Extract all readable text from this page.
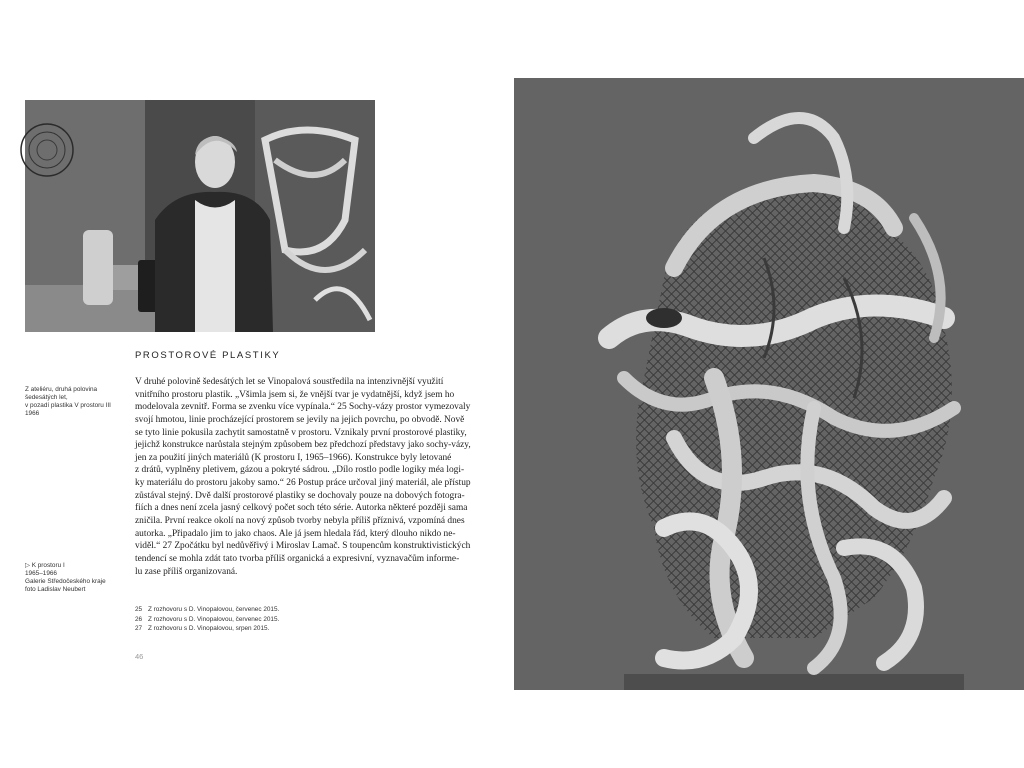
Z ateliéru, druhá polovina
šedesátých let,
v pozadí plastika V prostoru III
1966
PROSTOROVÉ PLASTIKY
V druhé polovině šedesátých let se Vinopalová soustředila na intenzivnější využití
vnitřního prostoru plastik. „Všimla jsem si, že vnější tvar je vydatnější, když jsem ho
modelovala zevnitř. Forma se zvenku více vypínala.“ 25 Sochy-vázy prostor vymezovaly
svojí hmotou, linie procházející prostorem se jevily na jejich povrchu, po obvodě. Nově
se tyto linie pokusila zachytit samostatně v prostoru. Vznikaly první prostorové plastiky,
jejichž konstrukce narůstala stejným způsobem bez předchozí představy jako sochy-vázy,
jen za použití jiných materiálů (K prostoru I, 1965–1966). Konstrukce byly letované
z drátů, vyplněny pletivem, gázou a pokryté sádrou. „Dílo rostlo podle logiky méa logi-
ky materiálu do prostoru jakoby samo.“ 26 Postup práce určoval jiný materiál, ale přístup
zůstával stejný. Dvě další prostorové plastiky se dochovaly pouze na dobových fotogra-
fiích a dnes není zcela jasný celkový počet soch této série. Autorka některé později sama
zničila. První reakce okolí na nový způsob tvorby nebyla příliš příznivá, vzpomíná dnes
autorka. „Připadalo jim to jako chaos. Ale já jsem hledala řád, který dlouho nikdo ne-
viděl.“ 27 Zpočátku byl nedůvěřivý i Miroslav Lamač. S toupencům konstruktivistických
tendencí se mohla zdát tato tvorba příliš organická a expresivní, vyznavačům informe-
lu zase příliš organizovaná.
▷ K prostoru I
1965–1966
Galerie Středočeského kraje
foto Ladislav Neubert
25 Z rozhovoru s D. Vinopalovou, červenec 2015.
26 Z rozhovoru s D. Vinopalovou, červenec 2015.
27 Z rozhovoru s D. Vinopalovou, srpen 2015.
46
